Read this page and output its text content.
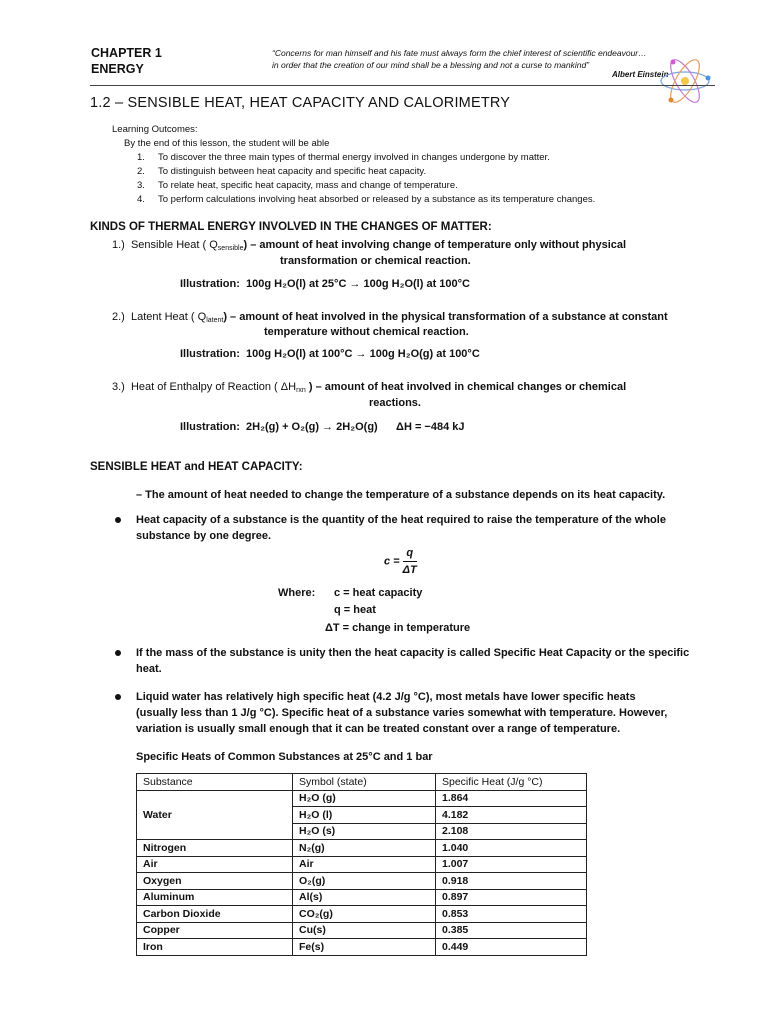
CHAPTER 1
ENERGY
“Concerns for man himself and his fate must always form the chief interest of scientific endeavour…
in order that the creation of our mind shall be a blessing and not a curse to mankind”
Albert Einstein
1.2 – SENSIBLE HEAT, HEAT CAPACITY AND CALORIMETRY
Learning Outcomes:
By the end of this lesson, the student will be able
1. To discover the three main types of thermal energy involved in changes undergone by matter.
2. To distinguish between heat capacity and specific heat capacity.
3. To relate heat, specific heat capacity, mass and change of temperature.
4. To perform calculations involving heat absorbed or released by a substance as its temperature changes.
KINDS OF THERMAL ENERGY INVOLVED IN THE CHANGES OF MATTER:
1.) Sensible Heat ( $Q_{sensible}$) – amount of heat involving change of temperature only without physical
transformation or chemical reaction.
Illustration: 100g H₂O(l) at 25°C → 100g H₂O(l) at 100°C
2.) Latent Heat ( $Q_{latent}$) – amount of heat involved in the physical transformation of a substance at constant
temperature without chemical reaction.
Illustration: 100g H₂O(l) at 100°C → 100g H₂O(g) at 100°C
3.) Heat of Enthalpy of Reaction ( $\Delta H_{rxn}$ ) – amount of heat involved in chemical changes or chemical
reactions.
Illustration: 2H₂(g) + O₂(g) → 2H₂O(g) ΔH = −484 kJ
SENSIBLE HEAT and HEAT CAPACITY:
– The amount of heat needed to change the temperature of a substance depends on its heat capacity.
Heat capacity of a substance is the quantity of the heat required to raise the temperature of the whole
substance by one degree.
$c = \frac{q}{\Delta T}$
Where: c = heat capacity
q = heat
ΔT = change in temperature
If the mass of the substance is unity then the heat capacity is called Specific Heat Capacity or the specific
heat.
Liquid water has relatively high specific heat (4.2 J/g °C), most metals have lower specific heats
(usually less than 1 J/g °C). Specific heat of a substance varies somewhat with temperature. However,
variation is usually small enough that it can be treated constant over a range of temperature.
Specific Heats of Common Substances at 25°C and 1 bar
Substance	Symbol (state)	Specific Heat (J/g °C)
Water	H₂O (g)	1.864
	H₂O (l)	4.182
	H₂O (s)	2.108
Nitrogen	N₂(g)	1.040
Air	Air	1.007
Oxygen	O₂(g)	0.918
Aluminum	Al(s)	0.897
Carbon Dioxide	CO₂(g)	0.853
Copper	Cu(s)	0.385
Iron	Fe(s)	0.449
